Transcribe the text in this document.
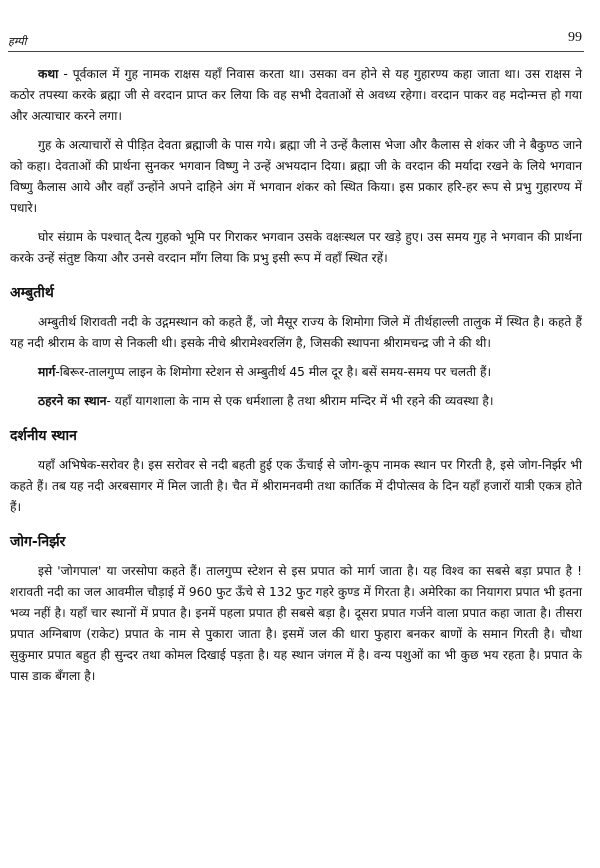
हम्पी	99

कथा - पूर्वकाल में गुह नामक राक्षस यहाँ निवास करता था। उसका वन होने से यह गुहारण्य कहा जाता था। उस राक्षस ने कठोर तपस्या करके ब्रह्मा जी से वरदान प्राप्त कर लिया कि वह सभी देवताओं से अवध्य रहेगा। वरदान पाकर वह मदोन्मत्त हो गया और अत्याचार करने लगा।

गुह के अत्याचारों से पीड़ित देवता ब्रह्माजी के पास गये। ब्रह्मा जी ने उन्हें कैलास भेजा और कैलास से शंकर जी ने बैकुण्ठ जाने को कहा। देवताओं की प्रार्थना सुनकर भगवान विष्णु ने उन्हें अभयदान दिया। ब्रह्मा जी के वरदान की मर्यादा रखने के लिये भगवान विष्णु कैलास आये और वहाँ उन्होंने अपने दाहिने अंग में भगवान शंकर को स्थित किया। इस प्रकार हरि-हर रूप से प्रभु गुहारण्य में पधारे।

घोर संग्राम के पश्चात् दैत्य गुहको भूमि पर गिराकर भगवान उसके वक्षःस्थल पर खड़े हुए। उस समय गुह ने भगवान की प्रार्थना करके उन्हें संतुष्ट किया और उनसे वरदान माँग लिया कि प्रभु इसी रूप में वहाँ स्थित रहें।

अम्बुतीर्थ

अम्बुतीर्थ शिरावती नदी के उद्गमस्थान को कहते हैं, जो मैसूर राज्य के शिमोगा जिले में तीर्थहाल्ली तालुक में स्थित है। कहते हैं यह नदी श्रीराम के वाण से निकली थी। इसके नीचे श्रीरामेश्वरलिंग है, जिसकी स्थापना श्रीरामचन्द्र जी ने की थी।

मार्ग-बिरूर-तालगुप्प लाइन के शिमोगा स्टेशन से अम्बुतीर्थ 45 मील दूर है। बसें समय-समय पर चलती हैं।

ठहरने का स्थान- यहाँ यागशाला के नाम से एक धर्मशाला है तथा श्रीराम मन्दिर में भी रहने की व्यवस्था है।

दर्शनीय स्थान

यहाँ अभिषेक-सरोवर है। इस सरोवर से नदी बहती हुई एक ऊँचाई से जोग-कूप नामक स्थान पर गिरती है, इसे जोग-निर्झर भी कहते हैं। तब यह नदी अरबसागर में मिल जाती है। चैत में श्रीरामनवमी तथा कार्तिक में दीपोत्सव के दिन यहाँ हजारों यात्री एकत्र होते हैं।

जोग-निर्झर

इसे 'जोगपाल' या जरसोपा कहते हैं। तालगुप्प स्टेशन से इस प्रपात को मार्ग जाता है। यह विश्व का सबसे बड़ा प्रपात है ! शरावती नदी का जल आवमील चौड़ाई में 960 फुट ऊँचे से 132 फुट गहरे कुण्ड में गिरता है। अमेरिका का नियागरा प्रपात भी इतना भव्य नहीं है। यहाँ चार स्थानों में प्रपात है। इनमें पहला प्रपात ही सबसे बड़ा है। दूसरा प्रपात गर्जने वाला प्रपात कहा जाता है। तीसरा प्रपात अग्निबाण (राकेट) प्रपात के नाम से पुकारा जाता है। इसमें जल की धारा फुहारा बनकर बाणों के समान गिरती है। चौथा सुकुमार प्रपात बहुत ही सुन्दर तथा कोमल दिखाई पड़ता है। यह स्थान जंगल में है। वन्य पशुओं का भी कुछ भय रहता है। प्रपात के पास डाक बँगला है।
